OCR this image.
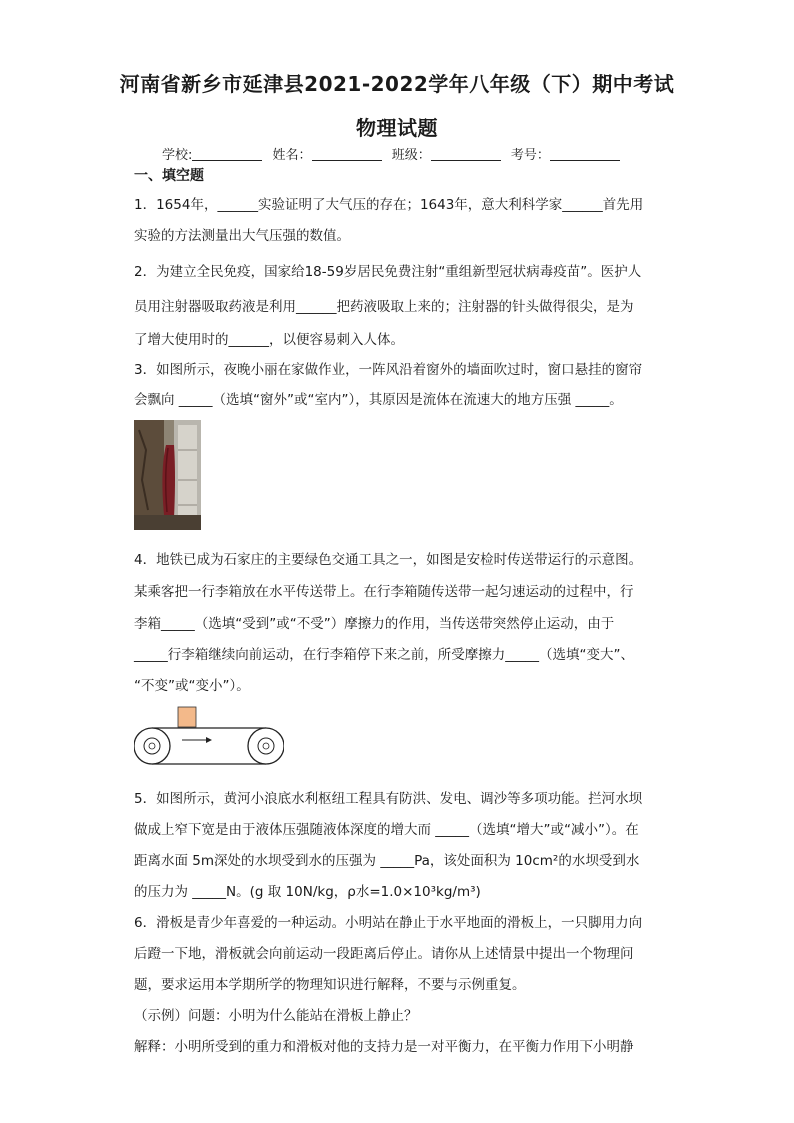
河南省新乡市延津县2021-2022学年八年级（下）期中考试
物理试题
学校:	姓名：	班级：	考号：
一、填空题
1．1654年，______实验证明了大气压的存在；1643年，意大利科学家______首先用
实验的方法测量出大气压强的数值。
2．为建立全民免疫，国家给18-59岁居民免费注射“重组新型冠状病毒疫苗”。医护人
员用注射器吸取药液是利用______把药液吸取上来的；注射器的针头做得很尖，是为
了增大使用时的______，以便容易刺入人体。
3．如图所示，夜晚小丽在家做作业，一阵风沿着窗外的墙面吹过时，窗口悬挂的窗帘
会飘向 _____（选填“窗外”或“室内”），其原因是流体在流速大的地方压强 _____。
4．地铁已成为石家庄的主要绿色交通工具之一，如图是安检时传送带运行的示意图。
某乘客把一行李箱放在水平传送带上。在行李箱随传送带一起匀速运动的过程中，行
李箱_____（选填“受到”或“不受”）摩擦力的作用，当传送带突然停止运动，由于
_____行李箱继续向前运动，在行李箱停下来之前，所受摩擦力_____（选填“变大”、
“不变”或“变小”）。
5．如图所示，黄河小浪底水利枢纽工程具有防洪、发电、调沙等多项功能。拦河水坝
做成上窄下宽是由于液体压强随液体深度的增大而 _____（选填“增大”或“减小”）。在
距离水面 5m深处的水坝受到水的压强为 _____Pa，该处面积为 10cm²的水坝受到水
的压力为 _____N。(g 取 10N/kg，ρ水=1.0×10³kg/m³)
6．滑板是青少年喜爱的一种运动。小明站在静止于水平地面的滑板上，一只脚用力向
后蹬一下地，滑板就会向前运动一段距离后停止。请你从上述情景中提出一个物理问
题，要求运用本学期所学的物理知识进行解释，不要与示例重复。
（示例）问题：小明为什么能站在滑板上静止？
解释：小明所受到的重力和滑板对他的支持力是一对平衡力，在平衡力作用下小明静
